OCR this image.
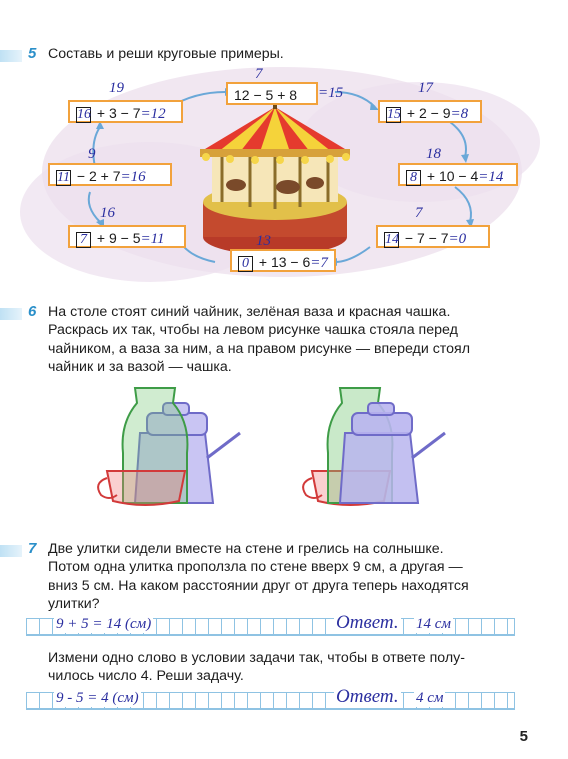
5 Составь и реши круговые примеры.
7
12 − 5 + 8	=15
19
16 + 3 − 7=12
17
15 + 2 − 9=8
9
11 − 2 + 7=16
18
8 + 10 − 4=14
16
7 + 9 − 5=11
7
14 − 7 − 7=0
13
0 + 13 − 6=7
6 На столе стоят синий чайник, зелёная ваза и красная чашка.
Раскрась их так, чтобы на левом рисунке чашка стояла перед
чайником, а ваза за ним, а на правом рисунке — впереди стоял
чайник и за вазой — чашка.
7 Две улитки сидели вместе на стене и грелись на солнышке.
Потом одна улитка проползла по стене вверх 9 см, а другая —
вниз 5 см. На каком расстоянии друг от друга теперь находятся
улитки?
9 + 5 = 14 (см)	Ответ. 14 см
Измени одно слово в условии задачи так, чтобы в ответе полу-
чилось число 4. Реши задачу.
9 - 5 = 4 (см)	Ответ. 4 см
5
